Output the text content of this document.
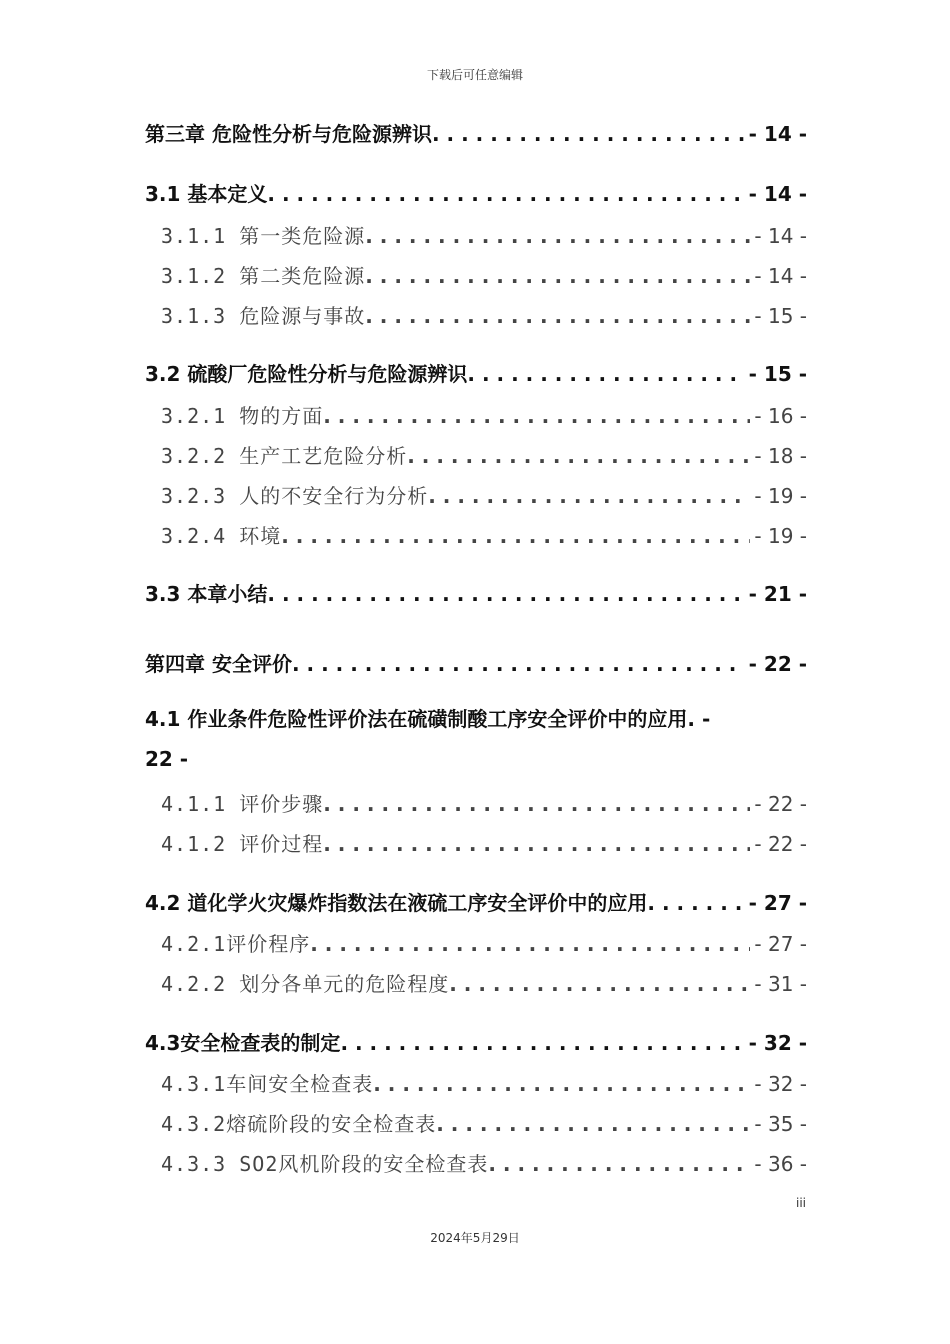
下载后可任意编辑
第三章 危险性分析与危险源辨识 . . .	- 14 -
3.1 基本定义 . . .	- 14 -
3.1.1 第一类危险源 . . .	- 14 -
3.1.2 第二类危险源 . . .	- 14 -
3.1.3 危险源与事故 . . .	- 15 -
3.2 硫酸厂危险性分析与危险源辨识 . . .	- 15 -
3.2.1 物的方面 . . .	- 16 -
3.2.2 生产工艺危险分析 . . .	- 18 -
3.2.3 人的不安全行为分析 . . .	- 19 -
3.2.4 环境 . . .	- 19 -
3.3 本章小结 . . .	- 21 -
第四章 安全评价 . . .	- 22 -
4.1 作业条件危险性评价法在硫磺制酸工序安全评价中的应用. -
22 -
4.1.1 评价步骤 . . .	- 22 -
4.1.2 评价过程 . . .	- 22 -
4.2 道化学火灾爆炸指数法在液硫工序安全评价中的应用 . . .	- 27 -
4.2.1评价程序 . . .	- 27 -
4.2.2 划分各单元的危险程度 . . .	- 31 -
4.3安全检查表的制定 . . .	- 32 -
4.3.1车间安全检查表 . . .	- 32 -
4.3.2熔硫阶段的安全检查表 . . .	- 35 -
4.3.3 SO2风机阶段的安全检查表 . . .	- 36 -
iii
2024年5月29日
